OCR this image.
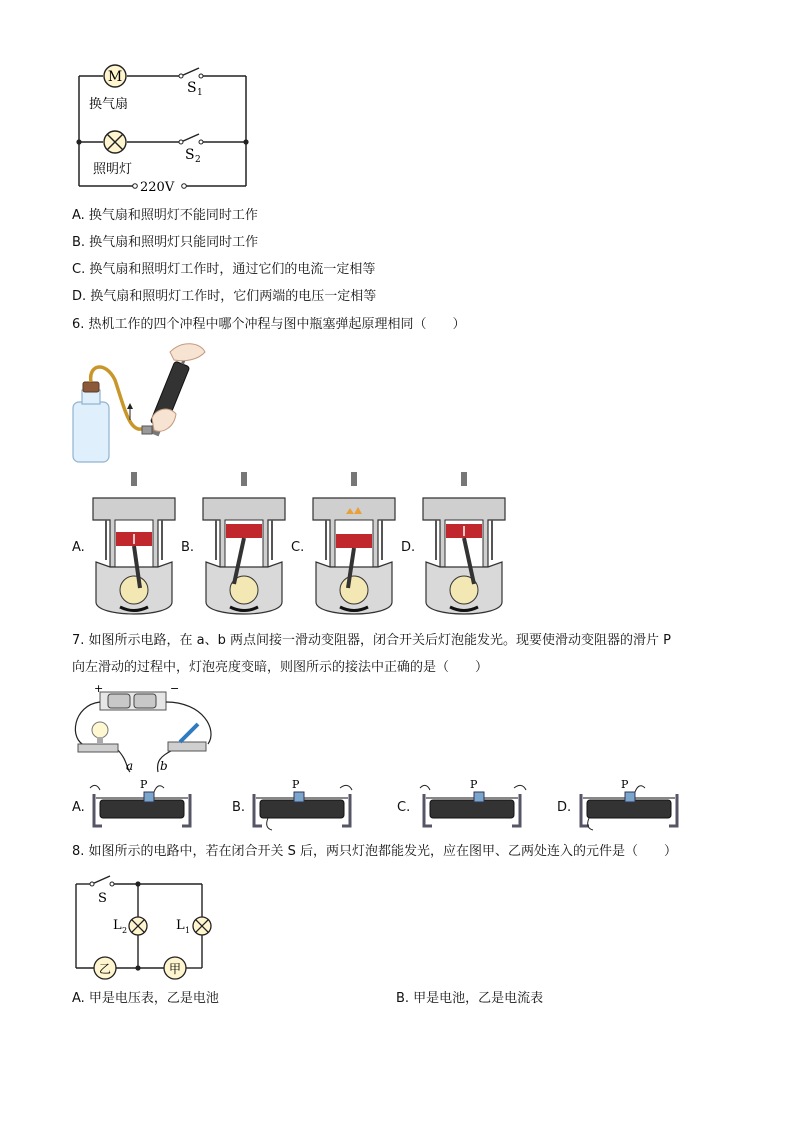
M
S 1
S 2
换气扇
照明灯
220V
A. 换气扇和照明灯不能同时工作
B. 换气扇和照明灯只能同时工作
C. 换气扇和照明灯工作时，通过它们的电流一定相等
D. 换气扇和照明灯工作时，它们两端的电压一定相等
6. 热机工作的四个冲程中哪个冲程与图中瓶塞弹起原理相同（　　）
A.	B.	C.	D.
7. 如图所示电路，在 a、b 两点间接一滑动变阻器，闭合开关后灯泡能发光。现要使滑动变阻器的滑片 P
向左滑动的过程中，灯泡亮度变暗，则图所示的接法中正确的是（　　）
+	−
a b
A.	B.	C.	D.
P	P	P	P
8. 如图所示的电路中，若在闭合开关 S 后，两只灯泡都能发光，应在图甲、乙两处连入的元件是（　　）
乙	甲
S
L 2	L 1
A. 甲是电压表，乙是电池	B. 甲是电池，乙是电流表
